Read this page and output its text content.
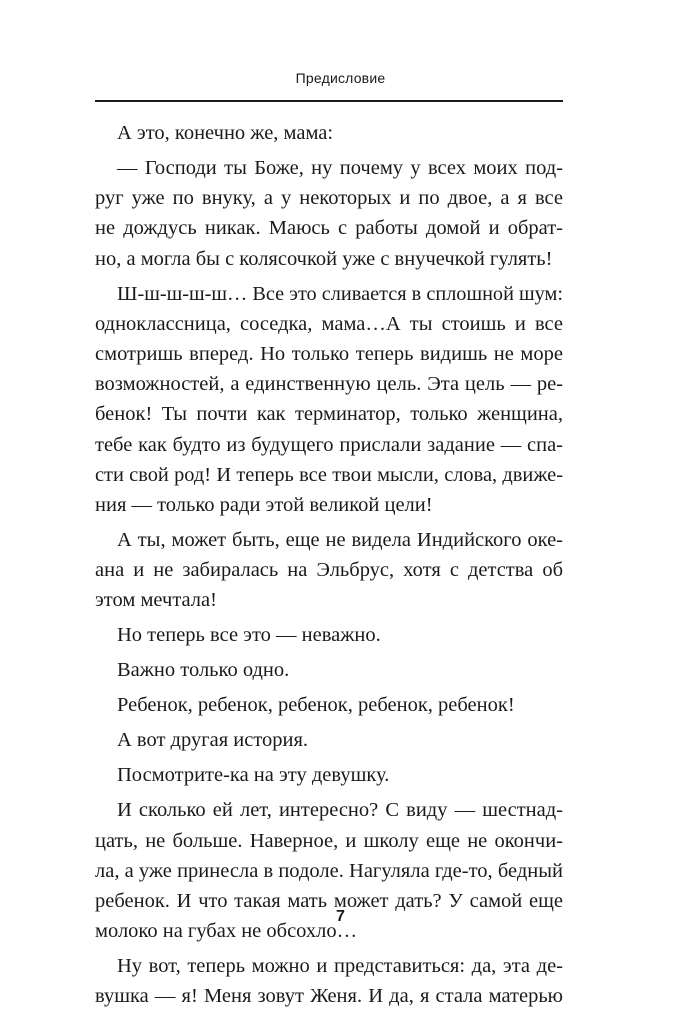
Предисловие
А это, конечно же, мама:
— Господи ты Боже, ну почему у всех моих под-
руг уже по внуку, а у некоторых и по двое, а я все
не дождусь никак. Маюсь с работы домой и обрат-
но, а могла бы с колясочкой уже с внучечкой гулять!
Ш-ш-ш-ш-ш… Все это сливается в сплошной шум:
одноклассница, соседка, мама…А ты стоишь и все
смотришь вперед. Но только теперь видишь не море
возможностей, а единственную цель. Эта цель — ре-
бенок! Ты почти как терминатор, только женщина,
тебе как будто из будущего прислали задание — спа-
сти свой род! И теперь все твои мысли, слова, движе-
ния — только ради этой великой цели!
А ты, может быть, еще не видела Индийского оке-
ана и не забиралась на Эльбрус, хотя с детства об
этом мечтала!
Но теперь все это — неважно.
Важно только одно.
Ребенок, ребенок, ребенок, ребенок, ребенок!
А вот другая история.
Посмотрите-ка на эту девушку.
И сколько ей лет, интересно? С виду — шестнад-
цать, не больше. Наверное, и школу еще не окончи-
ла, а уже принесла в подоле. Нагуляла где-то, бедный
ребенок. И что такая мать может дать? У самой еще
молоко на губах не обсохло…
Ну вот, теперь можно и представиться: да, эта де-
вушка — я! Меня зовут Женя. И да, я стала матерью
7
